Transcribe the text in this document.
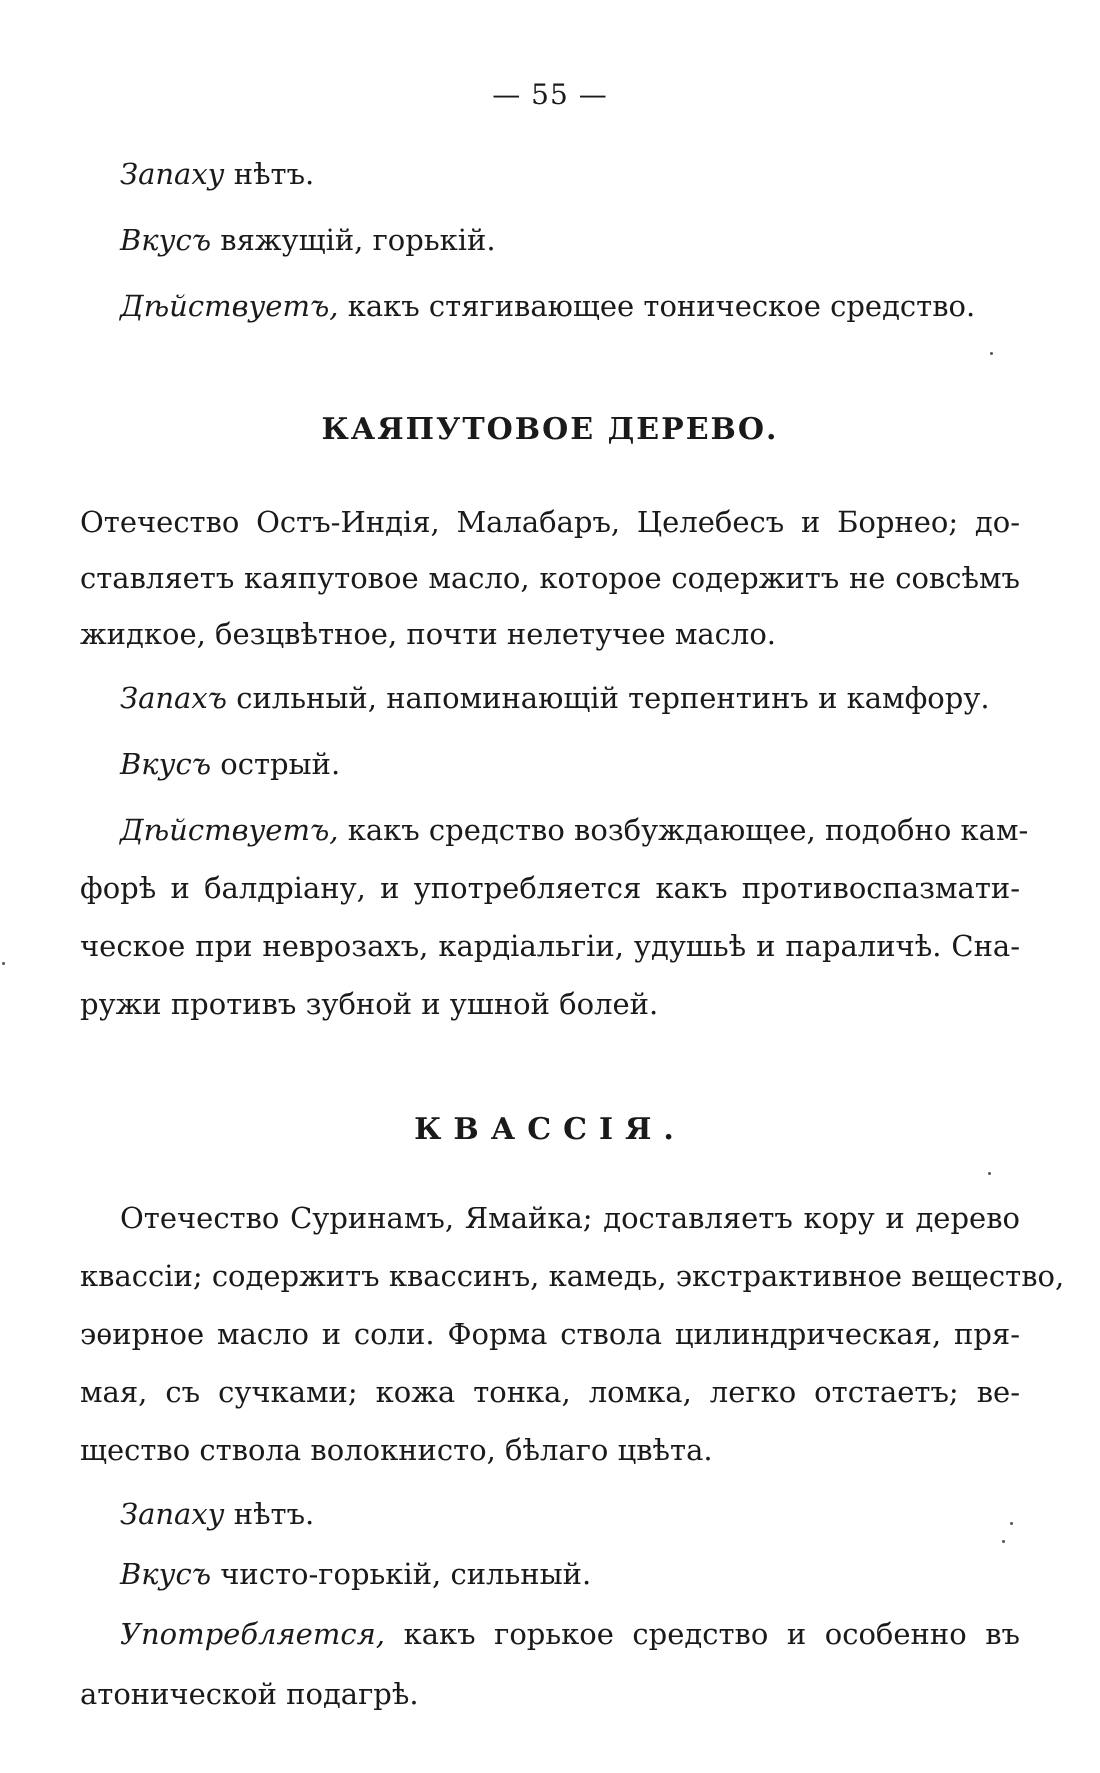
— 55 —
Запаху нѣтъ.
Вкусъ вяжущій, горькій.
Дѣйствуетъ, какъ стягивающее тоническое средство.
КАЯПУТОВОЕ ДЕРЕВО.
Отечество Остъ-Индія, Малабаръ, Целебесъ и Борнео; до-
ставляетъ каяпутовое масло, которое содержитъ не совсѣмъ
жидкое, безцвѣтное, почти нелетучее масло.
Запахъ сильный, напоминающій терпентинъ и камфору.
Вкусъ острый.
Дѣйствуетъ, какъ средство возбуждающее, подобно кам-
форѣ и балдріану, и употребляется какъ противоспазмати-
ческое при неврозахъ, кардіальгіи, удушьѣ и параличѣ. Сна-
ружи противъ зубной и ушной болей.
КВАССІЯ.
Отечество Суринамъ, Ямайка; доставляетъ кору и дерево
квассіи; содержитъ квассинъ, камедь, экстрактивное вещество,
эѳирное масло и соли. Форма ствола цилиндрическая, пря-
мая, съ сучками; кожа тонка, ломка, легко отстаетъ; ве-
щество ствола волокнисто, бѣлаго цвѣта.
Запаху нѣтъ.
Вкусъ чисто-горькій, сильный.
Употребляется, какъ горькое средство и особенно въ
атонической подагрѣ.
